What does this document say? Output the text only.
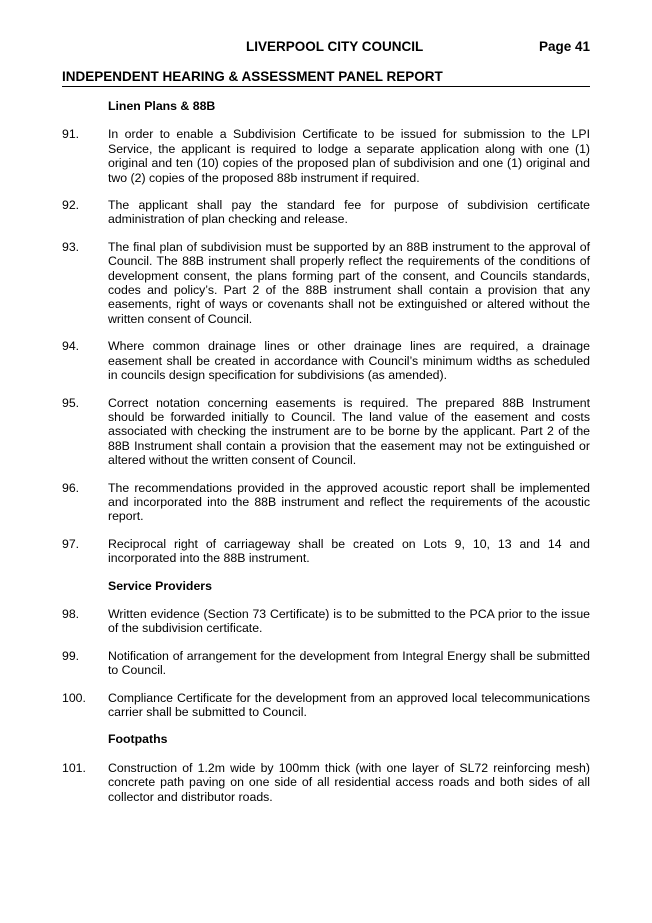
LIVERPOOL CITY COUNCIL	Page 41
INDEPENDENT HEARING & ASSESSMENT PANEL REPORT
Linen Plans & 88B
91.	In order to enable a Subdivision Certificate to be issued for submission to the LPI Service, the applicant is required to lodge a separate application along with one (1) original and ten (10) copies of the proposed plan of subdivision and one (1) original and two (2) copies of the proposed 88b instrument if required.
92.	The applicant shall pay the standard fee for purpose of subdivision certificate administration of plan checking and release.
93.	The final plan of subdivision must be supported by an 88B instrument to the approval of Council. The 88B instrument shall properly reflect the requirements of the conditions of development consent, the plans forming part of the consent, and Councils standards, codes and policy’s. Part 2 of the 88B instrument shall contain a provision that any easements, right of ways or covenants shall not be extinguished or altered without the written consent of Council.
94.	Where common drainage lines or other drainage lines are required, a drainage easement shall be created in accordance with Council’s minimum widths as scheduled in councils design specification for subdivisions (as amended).
95.	Correct notation concerning easements is required. The prepared 88B Instrument should be forwarded initially to Council. The land value of the easement and costs associated with checking the instrument are to be borne by the applicant. Part 2 of the 88B Instrument shall contain a provision that the easement may not be extinguished or altered without the written consent of Council.
96.	The recommendations provided in the approved acoustic report shall be implemented and incorporated into the 88B instrument and reflect the requirements of the acoustic report.
97.	Reciprocal right of carriageway shall be created on Lots 9, 10, 13 and 14 and incorporated into the 88B instrument.
Service Providers
98.	Written evidence (Section 73 Certificate) is to be submitted to the PCA prior to the issue of the subdivision certificate.
99.	Notification of arrangement for the development from Integral Energy shall be submitted to Council.
100.	Compliance Certificate for the development from an approved local telecommunications carrier shall be submitted to Council.
Footpaths
101.	Construction of 1.2m wide by 100mm thick (with one layer of SL72 reinforcing mesh) concrete path paving on one side of all residential access roads and both sides of all collector and distributor roads.
